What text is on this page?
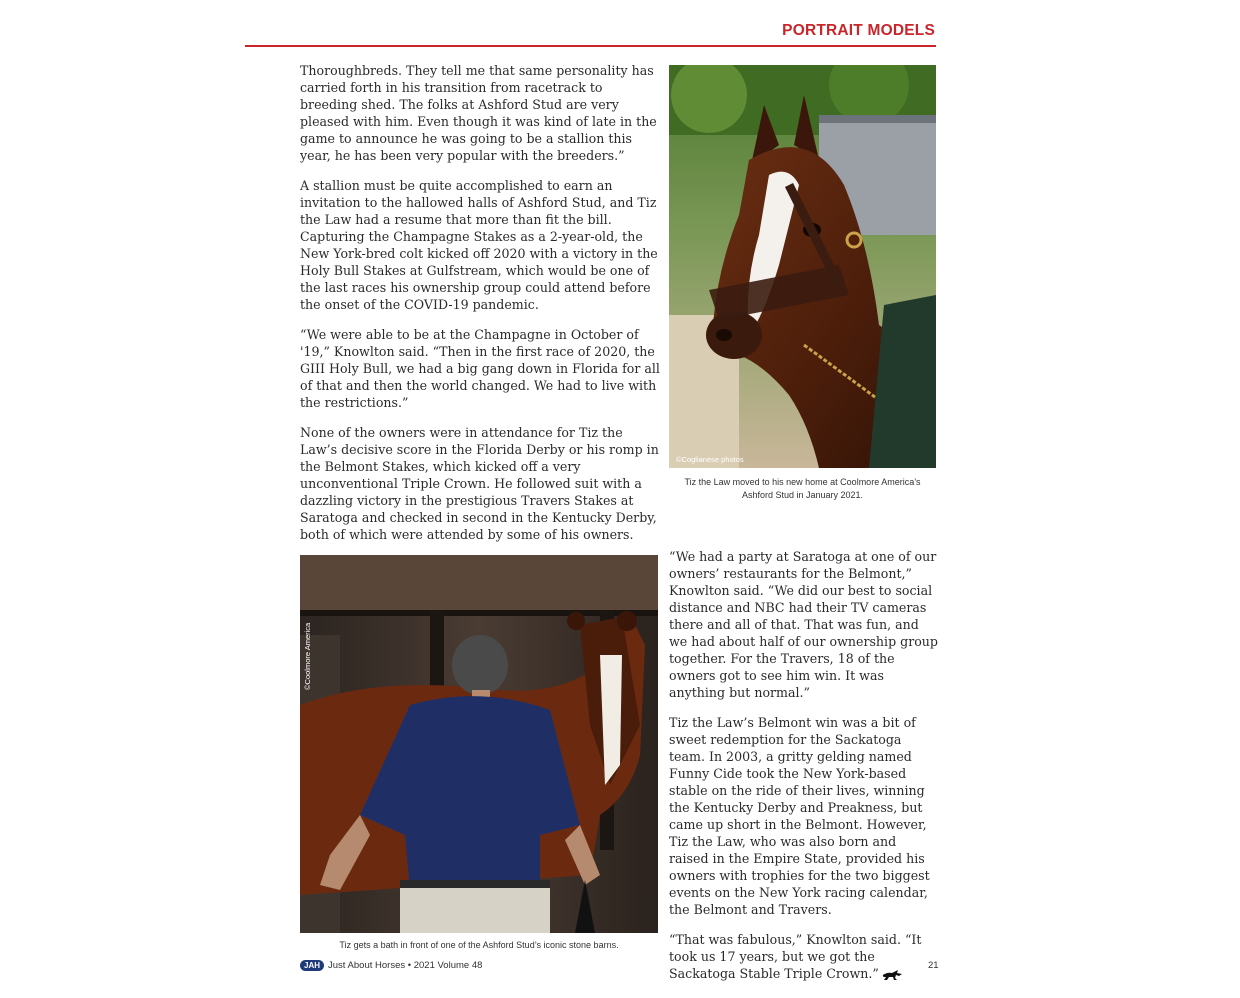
PORTRAIT MODELS

Thoroughbreds. They tell me that same personality has carried forth in his transition from racetrack to breeding shed. The folks at Ashford Stud are very pleased with him. Even though it was kind of late in the game to announce he was going to be a stallion this year, he has been very popular with the breeders.”

A stallion must be quite accomplished to earn an invitation to the hallowed halls of Ashford Stud, and Tiz the Law had a resume that more than fit the bill. Capturing the Champagne Stakes as a 2-year-old, the New York-bred colt kicked off 2020 with a victory in the Holy Bull Stakes at Gulfstream, which would be one of the last races his ownership group could attend before the onset of the COVID-19 pandemic.

“We were able to be at the Champagne in October of '19,” Knowlton said. “Then in the first race of 2020, the GIII Holy Bull, we had a big gang down in Florida for all of that and then the world changed. We had to live with the restrictions.”

None of the owners were in attendance for Tiz the Law’s decisive score in the Florida Derby or his romp in the Belmont Stakes, which kicked off a very unconventional Triple Crown. He followed suit with a dazzling victory in the prestigious Travers Stakes at Saratoga and checked in second in the Kentucky Derby, both of which were attended by some of his owners.

©Coglianese photos
Tiz the Law moved to his new home at Coolmore America’s Ashford Stud in January 2021.
©Coolmore America
Tiz gets a bath in front of one of the Ashford Stud’s iconic stone barns.

“We had a party at Saratoga at one of our owners’ restaurants for the Belmont,” Knowlton said. “We did our best to social distance and NBC had their TV cameras there and all of that. That was fun, and we had about half of our ownership group together. For the Travers, 18 of the owners got to see him win. It was anything but normal.”

Tiz the Law’s Belmont win was a bit of sweet redemption for the Sackatoga team. In 2003, a gritty gelding named Funny Cide took the New York-based stable on the ride of their lives, winning the Kentucky Derby and Preakness, but came up short in the Belmont. However, Tiz the Law, who was also born and raised in the Empire State, provided his owners with trophies for the two biggest events on the New York racing calendar, the Belmont and Travers.

“That was fabulous,” Knowlton said. “It took us 17 years, but we got the Sackatoga Stable Triple Crown.”

JAH Just About Horses • 2021 Volume 48	21
